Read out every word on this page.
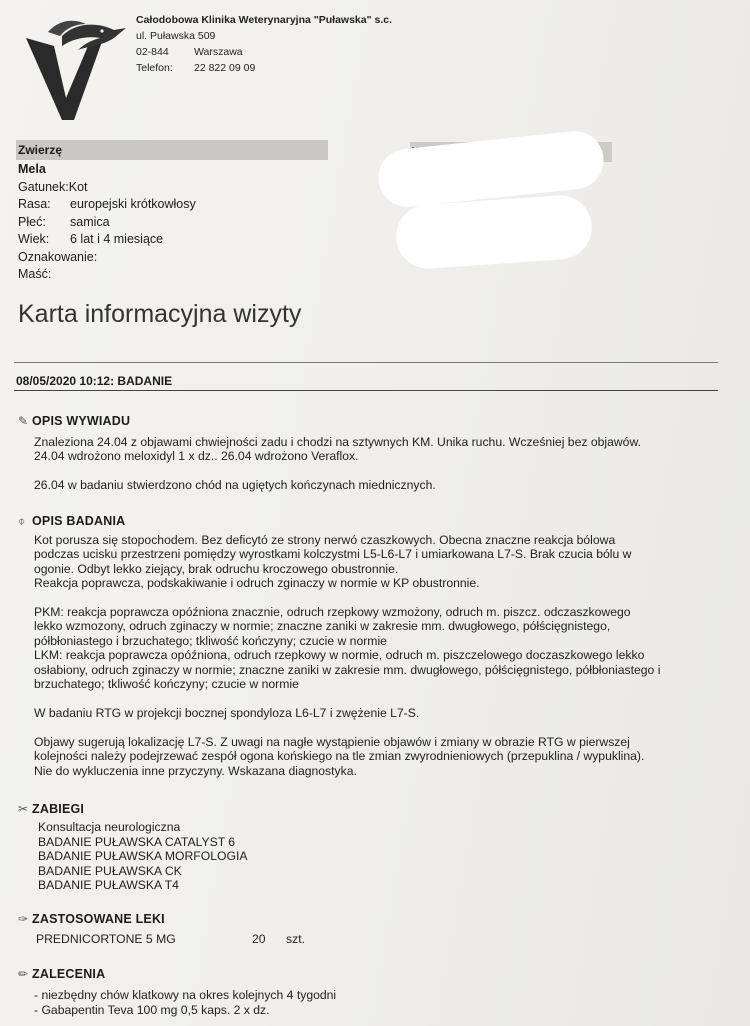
Całodobowa Klinika Weterynaryjna "Puławska" s.c.
ul. Puławska 509
02-844 Warszawa
Telefon: 22 822 09 09
Zwierzę
Mela
Gatunek:Kot
Rasa: europejski krótkowłosy
Płeć: samica
Wiek: 6 lat i 4 miesiące
Oznakowanie:
Maść:
Karta informacyjna wizyty
08/05/2020 10:12: BADANIE
✎ OPIS WYWIADU
Znaleziona 24.04 z objawami chwiejności zadu i chodzi na sztywnych KM. Unika ruchu. Wcześniej bez objawów.
24.04 wdrożono meloxidyl 1 x dz.. 26.04 wdrożono Veraflox.

26.04 w badaniu stwierdzono chód na ugiętych kończynach miednicznych.
⌽ OPIS BADANIA
Kot porusza się stopochodem. Bez deficytó ze strony nerwó czaszkowych. Obecna znaczne reakcja bólowa
podczas ucisku przestrzeni pomiędzy wyrostkami kolczystmi L5-L6-L7 i umiarkowana L7-S. Brak czucia bólu w
ogonie. Odbyt lekko ziejący, brak odruchu kroczowego obustronnie.
Reakcja poprawcza, podskakiwanie i odruch zginaczy w normie w KP obustronnie.

PKM: reakcja poprawcza opóźniona znacznie, odruch rzepkowy wzmożony, odruch m. piszcz. odczaszkowego
lekko wzmozony, odruch zginaczy w normie; znaczne zaniki w zakresie mm. dwugłowego, półścięgnistego,
półbłoniastego i brzuchatego; tkliwość kończyny; czucie w normie
LKM: reakcja poprawcza opóźniona, odruch rzepkowy w normie, odruch m. piszczelowego doczaszkowego lekko
osłabiony, odruch zginaczy w normie; znaczne zaniki w zakresie mm. dwugłowego, półścięgnistego, półbłoniastego i
brzuchatego; tkliwość kończyny; czucie w normie

W badaniu RTG w projekcji bocznej spondyloza L6-L7 i zwężenie L7-S.

Objawy sugerują lokalizację L7-S. Z uwagi na nagłe wystąpienie objawów i zmiany w obrazie RTG w pierwszej
kolejności należy podejrzewać zespół ogona końskiego na tle zmian zwyrodnieniowych (przepuklina / wypuklina).
Nie do wykluczenia inne przyczyny. Wskazana diagnostyka.
✂ ZABIEGI
Konsultacja neurologiczna
BADANIE PUŁAWSKA CATALYST 6
BADANIE PUŁAWSKA MORFOLOGIA
BADANIE PUŁAWSKA CK
BADANIE PUŁAWSKA T4
✑ ZASTOSOWANE LEKI
PREDNICORTONE 5 MG	20 szt.
✏ ZALECENIA
- niezbędny chów klatkowy na okres kolejnych 4 tygodni
- Gabapentin Teva 100 mg 0,5 kaps. 2 x dz.
